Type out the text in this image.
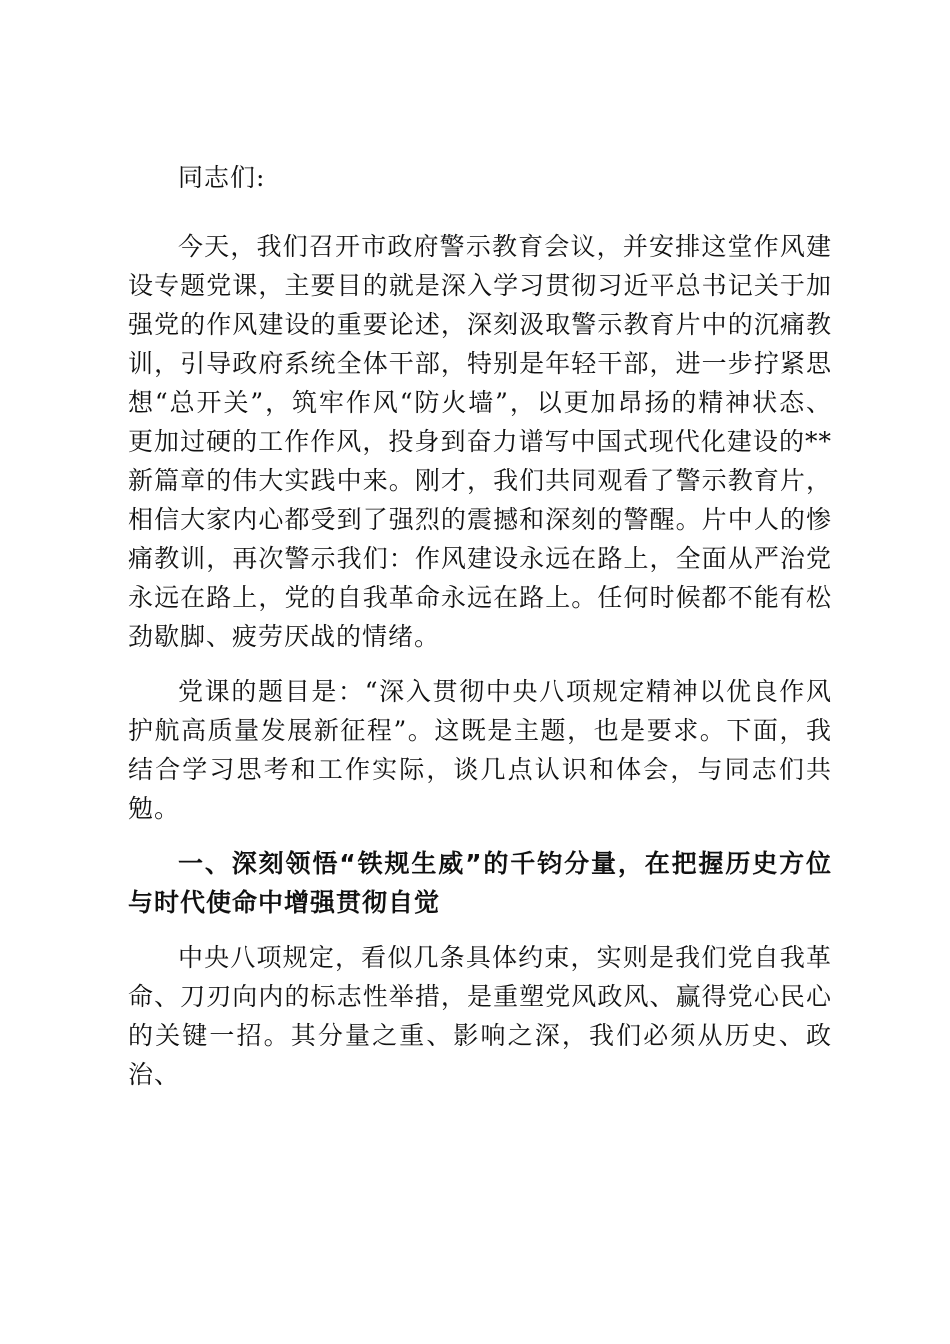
同志们:

今天，我们召开市政府警示教育会议，并安排这堂作风建设专题党课，主要目的就是深入学习贯彻习近平总书记关于加强党的作风建设的重要论述，深刻汲取警示教育片中的沉痛教训，引导政府系统全体干部，特别是年轻干部，进一步拧紧思想“总开关”，筑牢作风“防火墙”，以更加昂扬的精神状态、更加过硬的工作作风，投身到奋力谱写中国式现代化建设的**新篇章的伟大实践中来。刚才，我们共同观看了警示教育片，相信大家内心都受到了强烈的震撼和深刻的警醒。片中人的惨痛教训，再次警示我们：作风建设永远在路上，全面从严治党永远在路上，党的自我革命永远在路上。任何时候都不能有松劲歇脚、疲劳厌战的情绪。

党课的题目是：“深入贯彻中央八项规定精神以优良作风护航高质量发展新征程”。这既是主题，也是要求。下面，我结合学习思考和工作实际，谈几点认识和体会，与同志们共勉。

一、深刻领悟“铁规生威”的千钧分量，在把握历史方位与时代使命中增强贯彻自觉

中央八项规定，看似几条具体约束，实则是我们党自我革命、刀刃向内的标志性举措，是重塑党风政风、赢得党心民心的关键一招。其分量之重、影响之深，我们必须从历史、政治、
